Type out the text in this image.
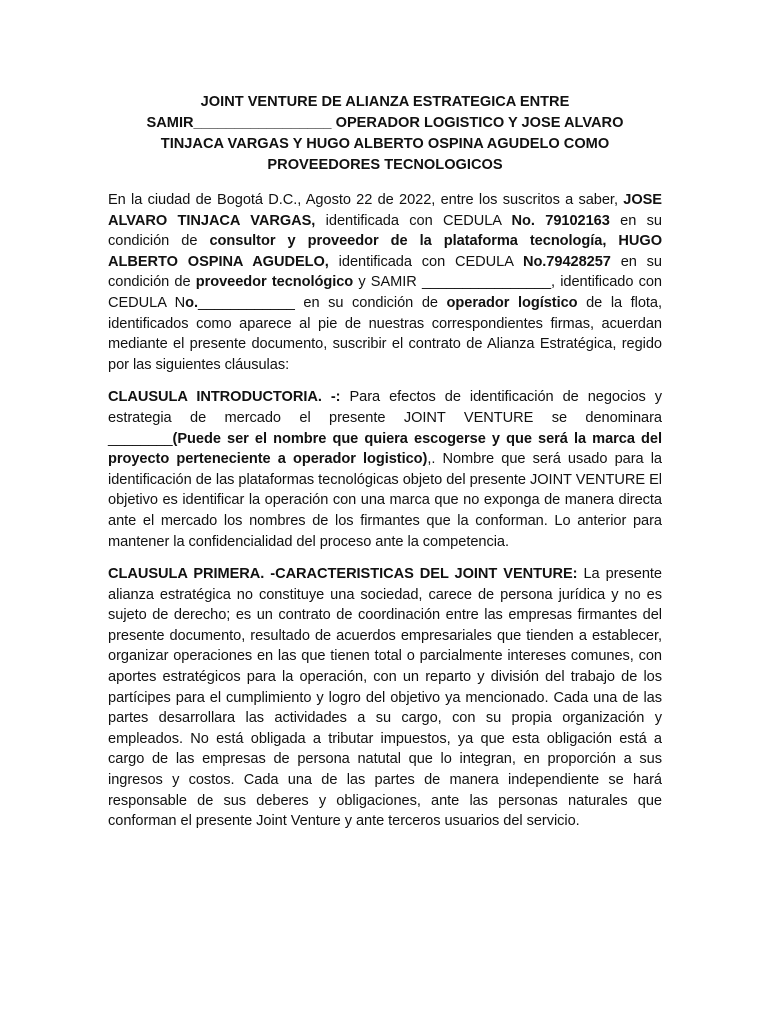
JOINT VENTURE DE ALIANZA ESTRATEGICA ENTRE
SAMIR_________________ OPERADOR LOGISTICO Y JOSE ALVARO
TINJACA VARGAS Y HUGO ALBERTO OSPINA AGUDELO COMO
PROVEEDORES TECNOLOGICOS

En la ciudad de Bogotá D.C., Agosto 22 de 2022, entre los suscritos a saber, JOSE ALVARO TINJACA VARGAS, identificada con CEDULA No. 79102163 en su condición de consultor y proveedor de la plataforma tecnología, HUGO ALBERTO OSPINA AGUDELO, identificada con CEDULA No.79428257 en su condición de proveedor tecnológico y SAMIR ________________, identificado con CEDULA No.____________ en su condición de operador logístico de la flota, identificados como aparece al pie de nuestras correspondientes firmas, acuerdan mediante el presente documento, suscribir el contrato de Alianza Estratégica, regido por las siguientes cláusulas:

CLAUSULA INTRODUCTORIA. -: Para efectos de identificación de negocios y estrategia de mercado el presente JOINT VENTURE se denominara ________(Puede ser el nombre que quiera escogerse y que será la marca del proyecto perteneciente a operador logistico),. Nombre que será usado para la identificación de las plataformas tecnológicas objeto del presente JOINT VENTURE El objetivo es identificar la operación con una marca que no exponga de manera directa ante el mercado los nombres de los firmantes que la conforman. Lo anterior para mantener la confidencialidad del proceso ante la competencia.

CLAUSULA PRIMERA. -CARACTERISTICAS DEL JOINT VENTURE: La presente alianza estratégica no constituye una sociedad, carece de persona jurídica y no es sujeto de derecho; es un contrato de coordinación entre las empresas firmantes del presente documento, resultado de acuerdos empresariales que tienden a establecer, organizar operaciones en las que tienen total o parcialmente intereses comunes, con aportes estratégicos para la operación, con un reparto y división del trabajo de los partícipes para el cumplimiento y logro del objetivo ya mencionado. Cada una de las partes desarrollara las actividades a su cargo, con su propia organización y empleados. No está obligada a tributar impuestos, ya que esta obligación está a cargo de las empresas de persona natutal que lo integran, en proporción a sus ingresos y costos. Cada una de las partes de manera independiente se hará responsable de sus deberes y obligaciones, ante las personas naturales que conforman el presente Joint Venture y ante terceros usuarios del servicio.
